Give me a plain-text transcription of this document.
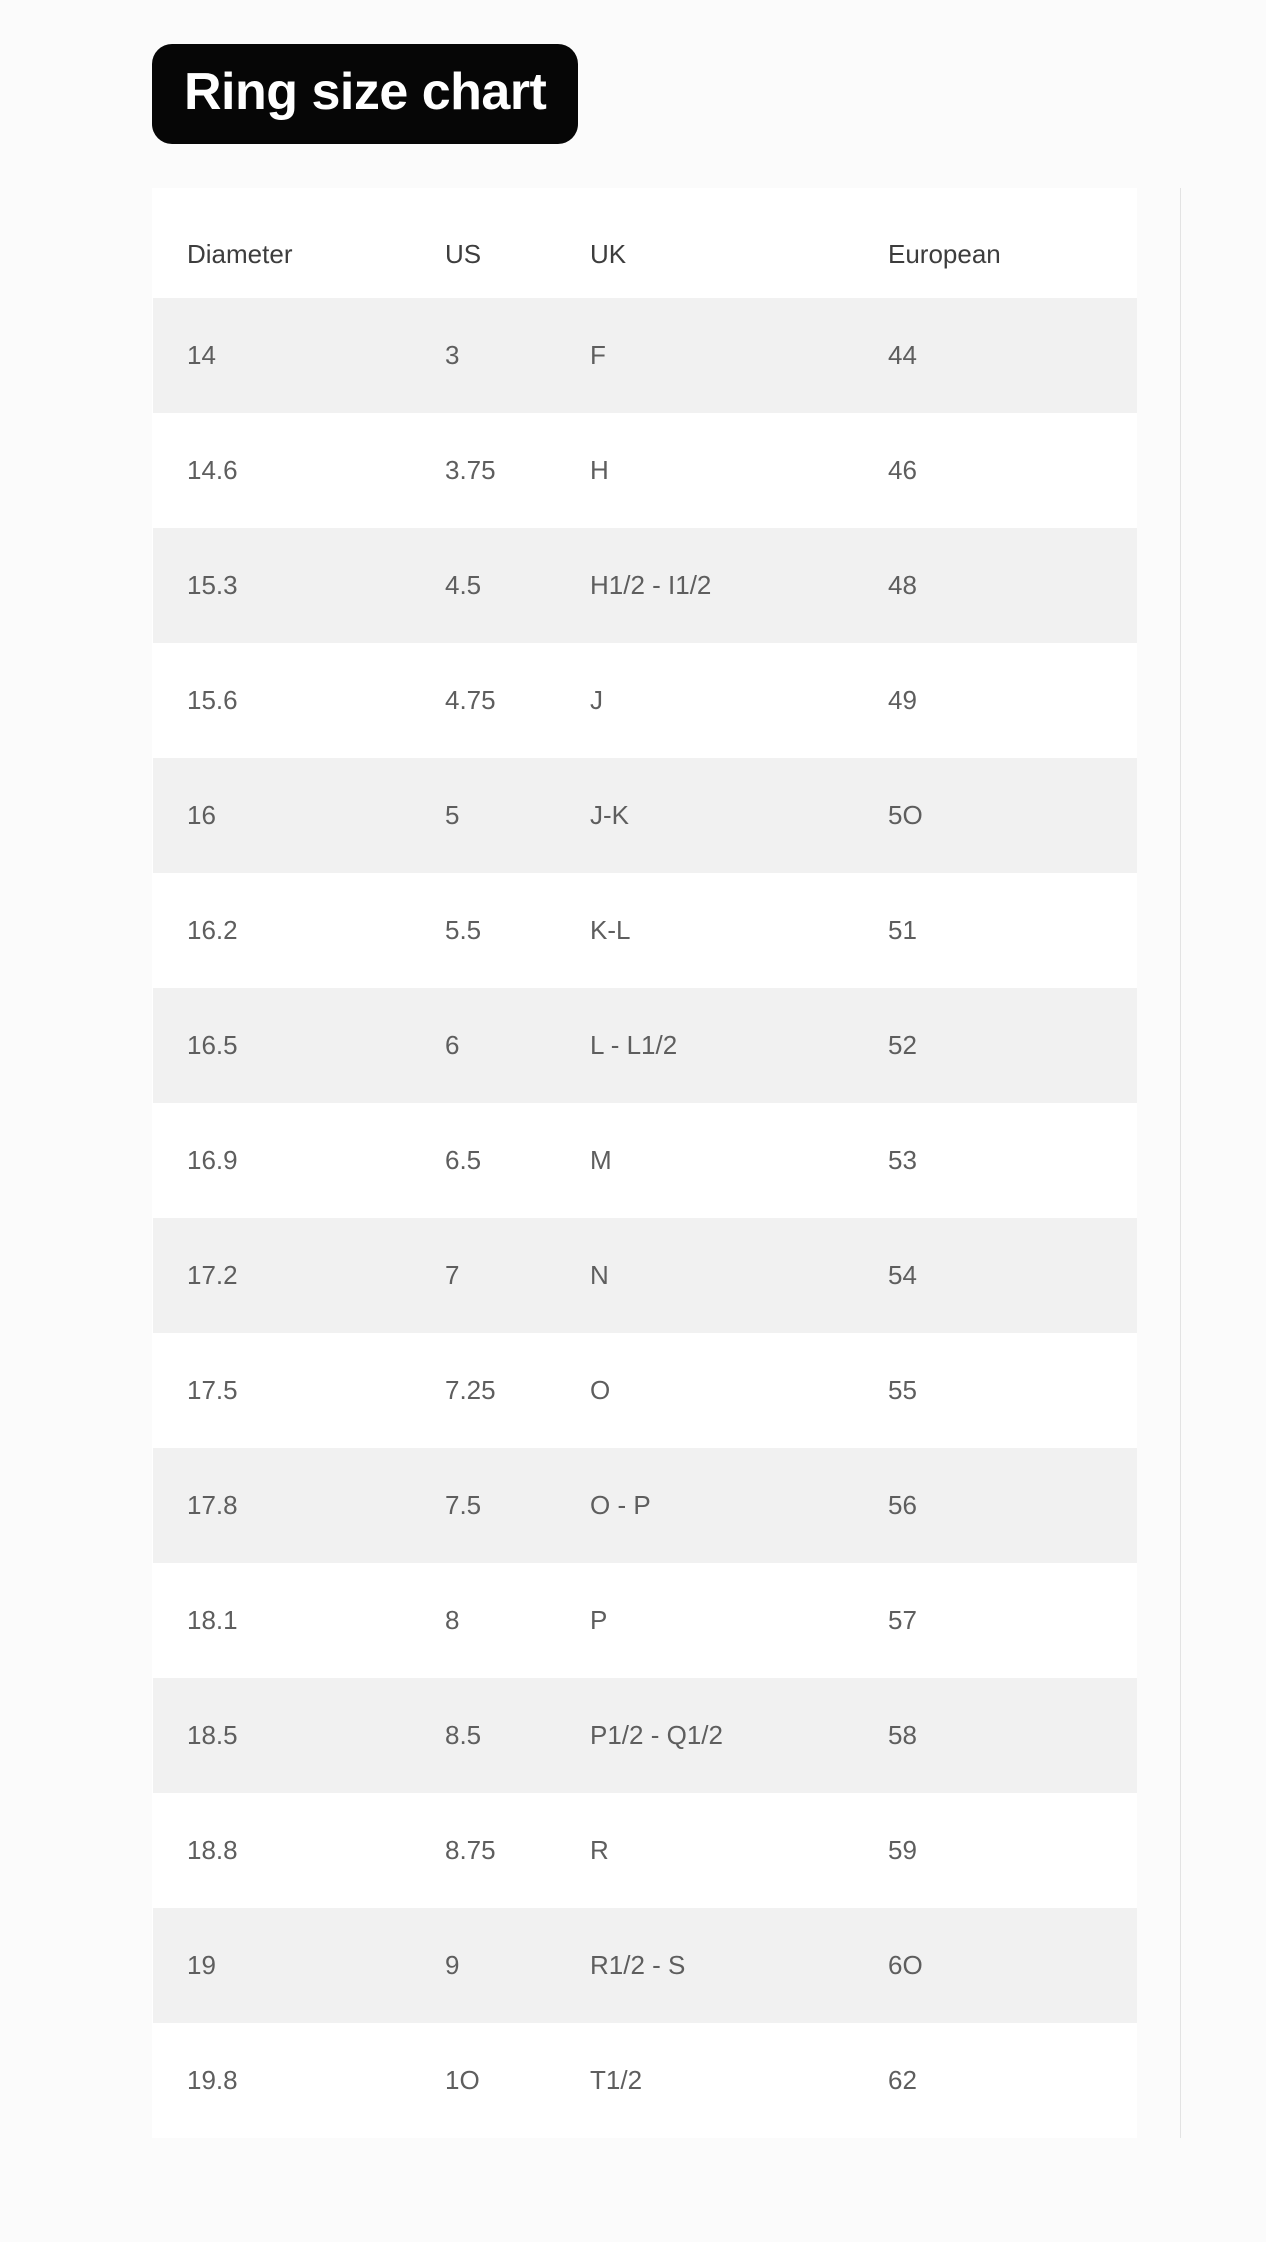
Ring size chart
Diameter	US	UK	European
14	3	F	44
14.6	3.75	H	46
15.3	4.5	H1/2 - I1/2	48
15.6	4.75	J	49
16	5	J-K	5O
16.2	5.5	K-L	51
16.5	6	L - L1/2	52
16.9	6.5	M	53
17.2	7	N	54
17.5	7.25	O	55
17.8	7.5	O - P	56
18.1	8	P	57
18.5	8.5	P1/2 - Q1/2	58
18.8	8.75	R	59
19	9	R1/2 - S	6O
19.8	1O	T1/2	62
